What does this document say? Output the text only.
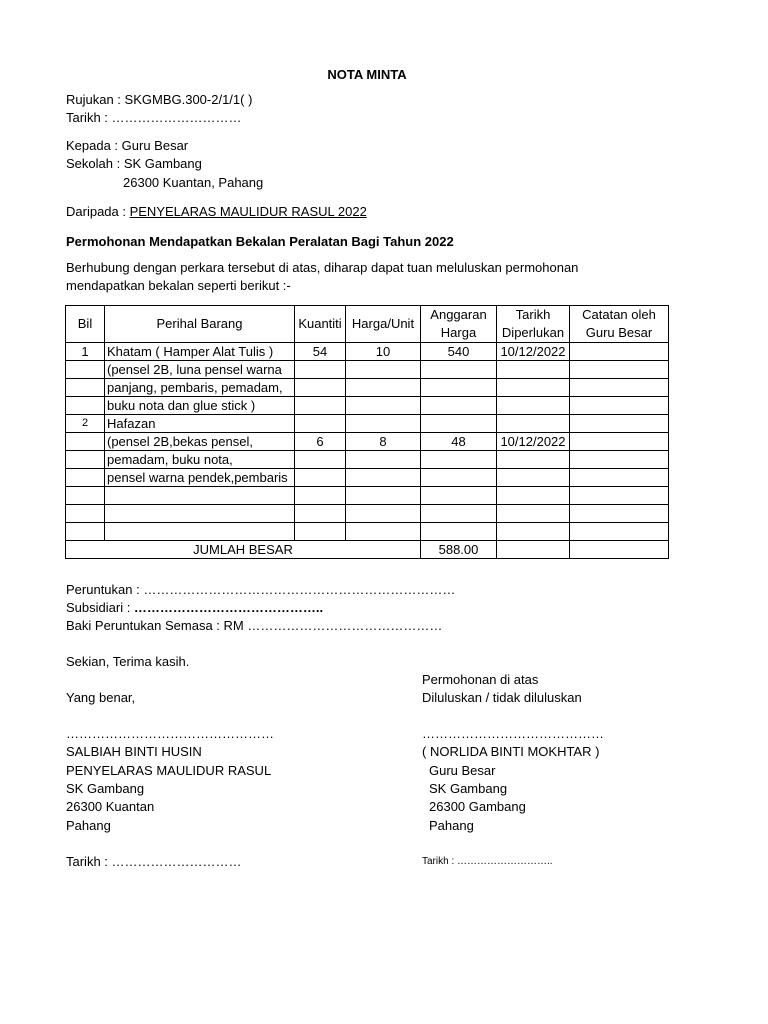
NOTA MINTA
Rujukan : SKGMBG.300-2/1/1( )
Tarikh : …………………………
Kepada : Guru Besar
Sekolah : SK Gambang
26300 Kuantan, Pahang
Daripada : PENYELARAS MAULIDUR RASUL 2022
Permohonan Mendapatkan Bekalan Peralatan Bagi Tahun 2022
Berhubung dengan perkara tersebut di atas, diharap dapat tuan meluluskan permohonan
mendapatkan bekalan seperti berikut :-
Bil	Perihal Barang	Kuantiti	Harga/Unit	Anggaran Harga	Tarikh Diperlukan	Catatan oleh Guru Besar
1	Khatam ( Hamper Alat Tulis )	54	10	540	10/12/2022	
	(pensel 2B, luna pensel warna					
	panjang, pembaris, pemadam,					
	buku nota dan glue stick )					
2	Hafazan					
	(pensel 2B,bekas pensel,	6	8	48	10/12/2022	
	pemadam, buku nota,					
	pensel warna pendek,pembaris					

JUMLAH BESAR				588.00		
Peruntukan : ………………………………………………………………
Subsidiari : ……………………………………..
Baki Peruntukan Semasa : RM ………………………………………
Sekian, Terima kasih.
Permohonan di atas
Yang benar,	Diluluskan / tidak diluluskan
…………………………………………	……………………………………
SALBIAH BINTI HUSIN
PENYELARAS MAULIDUR RASUL
SK Gambang
26300 Kuantan
Pahang
( NORLIDA BINTI MOKHTAR )
Guru Besar
SK Gambang
26300 Gambang
Pahang
Tarikh : …………………………	Tarikh : ………………………..
